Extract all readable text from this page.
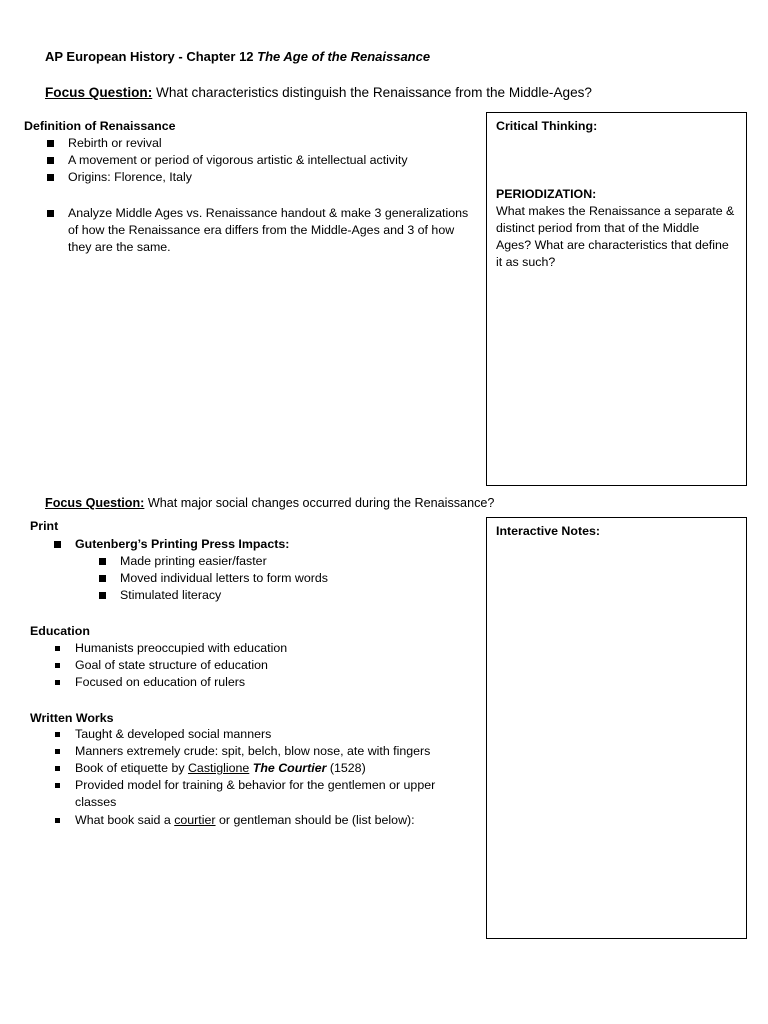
AP European History - Chapter 12 The Age of the Renaissance
Focus Question: What characteristics distinguish the Renaissance from the Middle-Ages?
Definition of Renaissance
Rebirth or revival
A movement or period of vigorous artistic & intellectual activity
Origins: Florence, Italy
Analyze Middle Ages vs. Renaissance handout & make 3 generalizations of how the Renaissance era differs from the Middle-Ages and 3 of how they are the same.
Critical Thinking:
PERIODIZATION:
What makes the Renaissance a separate & distinct period from that of the Middle Ages? What are characteristics that define it as such?
Focus Question: What major social changes occurred during the Renaissance?
Print
Gutenberg’s Printing Press Impacts:
Made printing easier/faster
Moved individual letters to form words
Stimulated literacy
Education
Humanists preoccupied with education
Goal of state structure of education
Focused on education of rulers
Written Works
Taught & developed social manners
Manners extremely crude: spit, belch, blow nose, ate with fingers
Book of etiquette by Castiglione The Courtier (1528)
Provided model for training & behavior for the gentlemen or upper classes
What book said a courtier or gentleman should be (list below):
Interactive Notes:
